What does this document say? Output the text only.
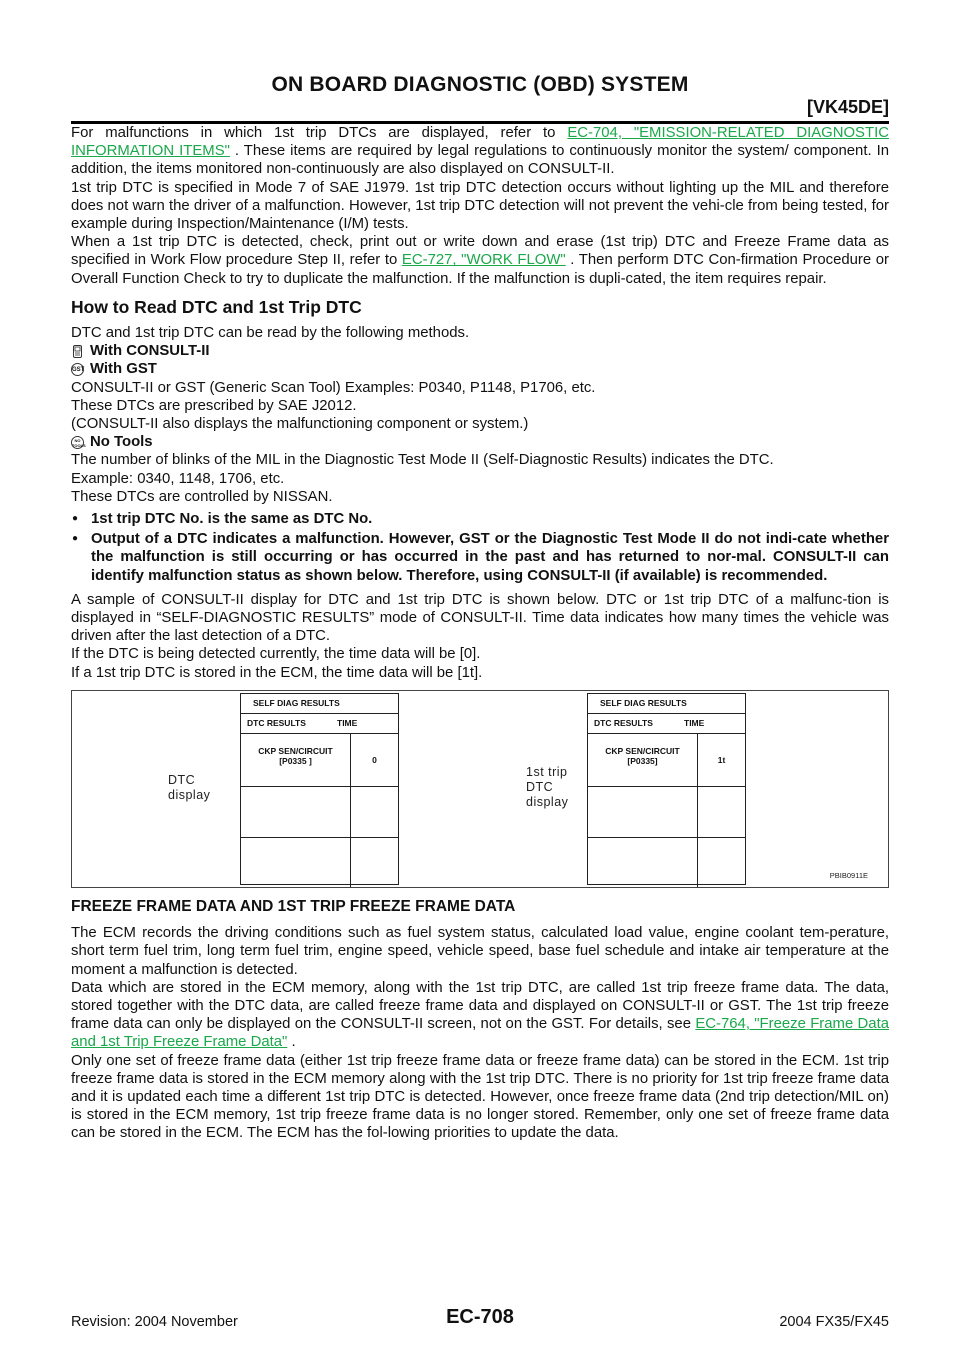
ON BOARD DIAGNOSTIC (OBD) SYSTEM
[VK45DE]

For malfunctions in which 1st trip DTCs are displayed, refer to EC-704, "EMISSION-RELATED DIAGNOSTIC INFORMATION ITEMS" . These items are required by legal regulations to continuously monitor the system/ component. In addition, the items monitored non-continuously are also displayed on CONSULT-II.

1st trip DTC is specified in Mode 7 of SAE J1979. 1st trip DTC detection occurs without lighting up the MIL and therefore does not warn the driver of a malfunction. However, 1st trip DTC detection will not prevent the vehi-cle from being tested, for example during Inspection/Maintenance (I/M) tests.

When a 1st trip DTC is detected, check, print out or write down and erase (1st trip) DTC and Freeze Frame data as specified in Work Flow procedure Step II, refer to EC-727, "WORK FLOW" . Then perform DTC Con-firmation Procedure or Overall Function Check to try to duplicate the malfunction. If the malfunction is dupli-cated, the item requires repair.

How to Read DTC and 1st Trip DTC

DTC and 1st trip DTC can be read by the following methods.

With CONSULT-II
GST With GST

CONSULT-II or GST (Generic Scan Tool) Examples: P0340, P1148, P1706, etc.

These DTCs are prescribed by SAE J2012.

(CONSULT-II also displays the malfunctioning component or system.)

NO TOOLS No Tools

The number of blinks of the MIL in the Diagnostic Test Mode II (Self-Diagnostic Results) indicates the DTC.

Example: 0340, 1148, 1706, etc.

These DTCs are controlled by NISSAN.

● 1st trip DTC No. is the same as DTC No.
● Output of a DTC indicates a malfunction. However, GST or the Diagnostic Test Mode II do not indi-cate whether the malfunction is still occurring or has occurred in the past and has returned to nor-mal. CONSULT-II can identify malfunction status as shown below. Therefore, using CONSULT-II (if available) is recommended.

A sample of CONSULT-II display for DTC and 1st trip DTC is shown below. DTC or 1st trip DTC of a malfunc-tion is displayed in “SELF-DIAGNOSTIC RESULTS” mode of CONSULT-II. Time data indicates how many times the vehicle was driven after the last detection of a DTC.

If the DTC is being detected currently, the time data will be [0].

If a 1st trip DTC is stored in the ECM, the time data will be [1t].

DTC
display
SELF DIAG RESULTS
DTC RESULTS	TIME
CKP SEN/CIRCUIT
[P0335 ]	0
1st trip
DTC
display
SELF DIAG RESULTS
DTC RESULTS	TIME
CKP SEN/CIRCUIT
[P0335]	1t
PBIB0911E
FREEZE FRAME DATA AND 1ST TRIP FREEZE FRAME DATA

The ECM records the driving conditions such as fuel system status, calculated load value, engine coolant tem-perature, short term fuel trim, long term fuel trim, engine speed, vehicle speed, base fuel schedule and intake air temperature at the moment a malfunction is detected.

Data which are stored in the ECM memory, along with the 1st trip DTC, are called 1st trip freeze frame data. The data, stored together with the DTC data, are called freeze frame data and displayed on CONSULT-II or GST. The 1st trip freeze frame data can only be displayed on the CONSULT-II screen, not on the GST. For details, see EC-764, "Freeze Frame Data and 1st Trip Freeze Frame Data" .

Only one set of freeze frame data (either 1st trip freeze frame data or freeze frame data) can be stored in the ECM. 1st trip freeze frame data is stored in the ECM memory along with the 1st trip DTC. There is no priority for 1st trip freeze frame data and it is updated each time a different 1st trip DTC is detected. However, once freeze frame data (2nd trip detection/MIL on) is stored in the ECM memory, 1st trip freeze frame data is no longer stored. Remember, only one set of freeze frame data can be stored in the ECM. The ECM has the fol-lowing priorities to update the data.

Revision: 2004 November	EC-708	2004 FX35/FX45
